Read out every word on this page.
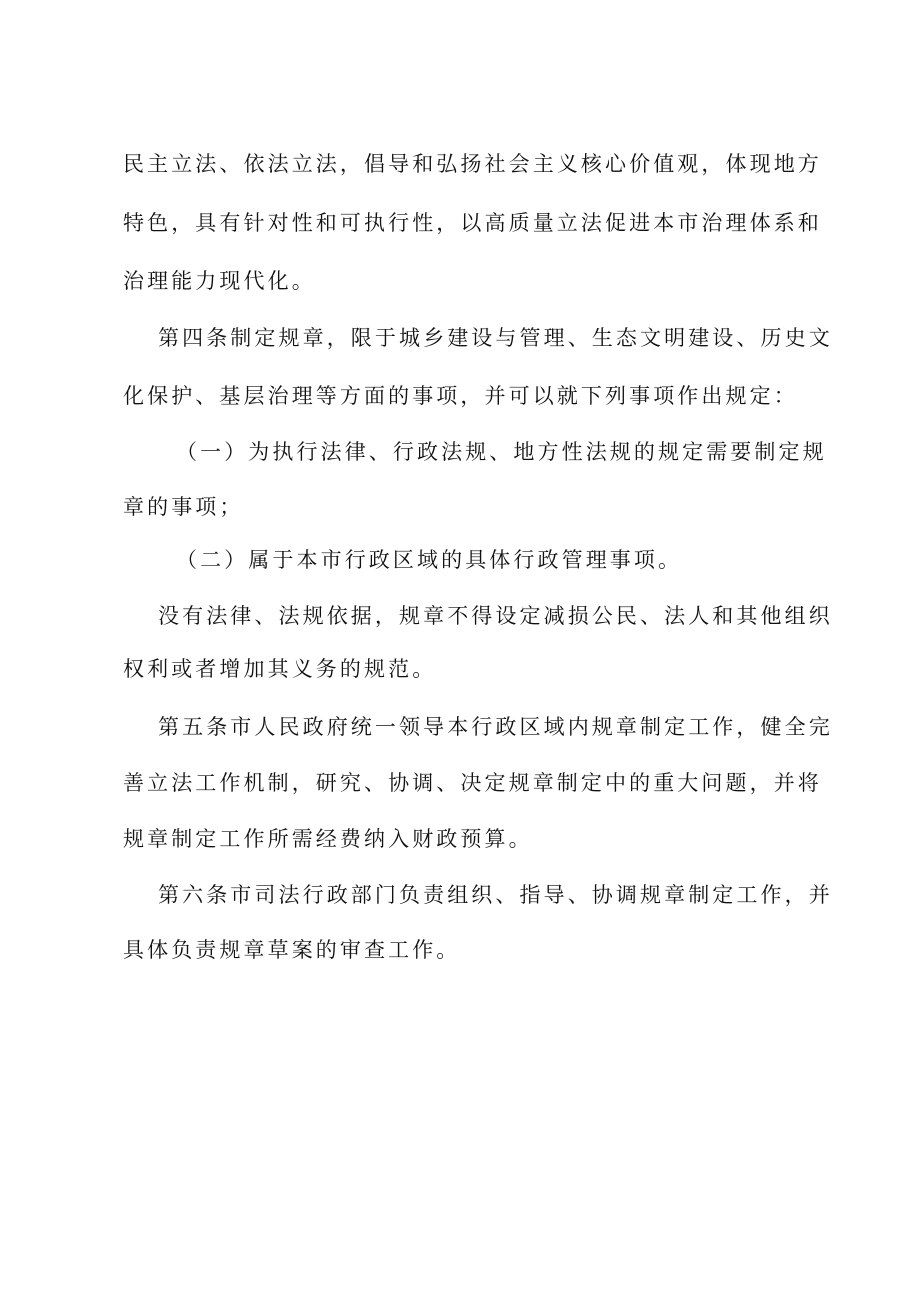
民主立法、依法立法，倡导和弘扬社会主义核心价值观，体现地方

特色，具有针对性和可执行性，以高质量立法促进本市治理体系和

治理能力现代化。

第四条制定规章，限于城乡建设与管理、生态文明建设、历史文

化保护、基层治理等方面的事项，并可以就下列事项作出规定：

（一）为执行法律、行政法规、地方性法规的规定需要制定规

章的事项；

（二）属于本市行政区域的具体行政管理事项。

没有法律、法规依据，规章不得设定减损公民、法人和其他组织

权利或者增加其义务的规范。

第五条市人民政府统一领导本行政区域内规章制定工作，健全完

善立法工作机制，研究、协调、决定规章制定中的重大问题，并将

规章制定工作所需经费纳入财政预算。

第六条市司法行政部门负责组织、指导、协调规章制定工作，并

具体负责规章草案的审查工作。
